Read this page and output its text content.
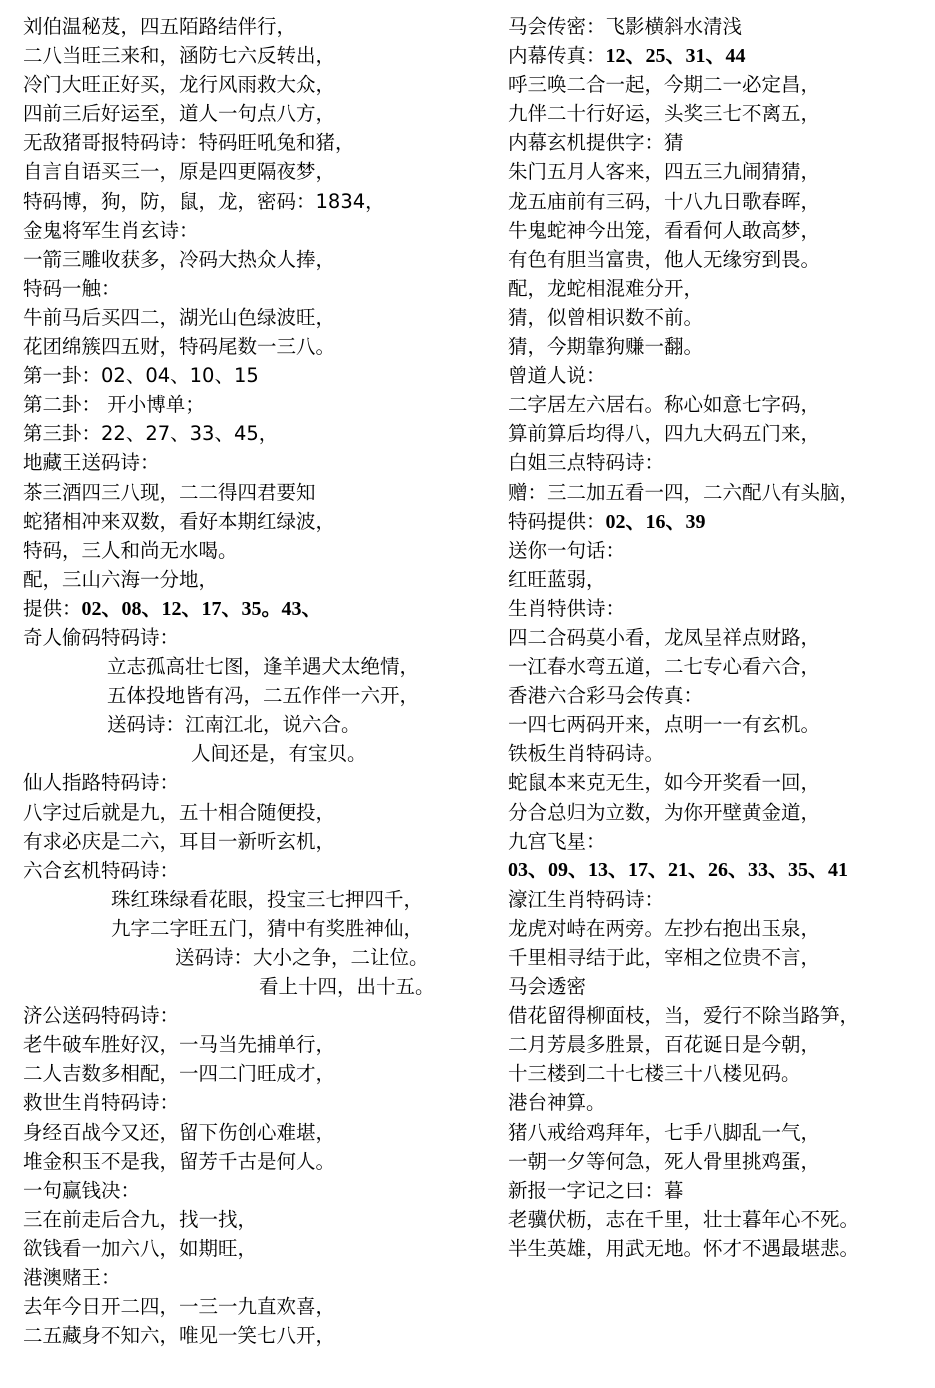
刘伯温秘芨，四五陌路结伴行，
二八当旺三来和，涵防七六反转出，
冷门大旺正好买，龙行风雨救大众，
四前三后好运至，道人一句点八方，
无敌猪哥报特码诗：特码旺吼兔和猪，
自言自语买三一，原是四更隔夜梦，
特码博，狗，防，鼠，龙，密码：1834，
金鬼将军生肖玄诗：
一箭三雕收获多，冷码大热众人捧，
特码一触：
牛前马后买四二，湖光山色绿波旺，
花团绵簇四五财，特码尾数一三八。
第一卦：02、04、10、15
第二卦： 开小博单；
第三卦：22、27、33、45，
地藏王送码诗：
茶三酒四三八现，二二得四君要知
蛇猪相冲来双数，看好本期红绿波，
特码，三人和尚无水喝。
配，三山六海一分地，
提供：02、08、12、17、35。43、
奇人偷码特码诗：
立志孤高壮七图，逢羊遇犬太绝情，
五体投地皆有冯，二五作伴一六开，
送码诗：江南江北，说六合。
人间还是，有宝贝。
仙人指路特码诗：
八字过后就是九，五十相合随便投，
有求必庆是二六，耳目一新听玄机，
六合玄机特码诗：
珠红珠绿看花眼，投宝三七押四千，
九字二字旺五门，猜中有奖胜神仙，
送码诗：大小之争，二让位。
看上十四，出十五。
济公送码特码诗：
老牛破车胜好汉，一马当先捕单行，
二人吉数多相配，一四二门旺成才，
救世生肖特码诗：
身经百战今又还，留下伤创心难堪，
堆金积玉不是我，留芳千古是何人。
一句赢钱决：
三在前走后合九，找一找，
欲钱看一加六八，如期旺，
港澳赌王：
去年今日开二四，一三一九直欢喜，
二五藏身不知六，唯见一笑七八开，
马会传密：飞影横斜水清浅
内幕传真：12、25、31、44
呼三唤二合一起，今期二一必定昌，
九伴二十行好运，头奖三七不离五，
内幕玄机提供字：猜
朱门五月人客来，四五三九闹猜猜，
龙五庙前有三码，十八九日歌春晖，
牛鬼蛇神今出笼，看看何人敢高梦，
有色有胆当富贵，他人无缘穷到畏。
配，龙蛇相混难分开，
猜，似曾相识数不前。
猜，今期靠狗赚一翻。
曾道人说：
二字居左六居右。称心如意七字码，
算前算后均得八，四九大码五门来，
白姐三点特码诗：
赠：三二加五看一四，二六配八有头脑，
特码提供：02、16、39
送你一句话：
红旺蓝弱，
生肖特供诗：
四二合码莫小看，龙凤呈祥点财路，
一江春水弯五道，二七专心看六合，
香港六合彩马会传真：
一四七两码开来，点明一一有玄机。
铁板生肖特码诗。
蛇鼠本来克无生，如今开奖看一回，
分合总归为立数，为你开壁黄金道，
九宫飞星：
03、09、13、17、21、26、33、35、41
濠江生肖特码诗：
龙虎对峙在两旁。左抄右抱出玉泉，
千里相寻结于此，宰相之位贵不言，
马会透密
借花留得柳面枝，当，爱行不除当路笋，
二月芳晨多胜景，百花诞日是今朝，
十三楼到二十七楼三十八楼见码。
港台神算。
猪八戒给鸡拜年，七手八脚乱一气，
一朝一夕等何急，死人骨里挑鸡蛋，
新报一字记之曰：暮
老骥伏枥，志在千里，壮士暮年心不死。
半生英雄，用武无地。怀才不遇最堪悲。
